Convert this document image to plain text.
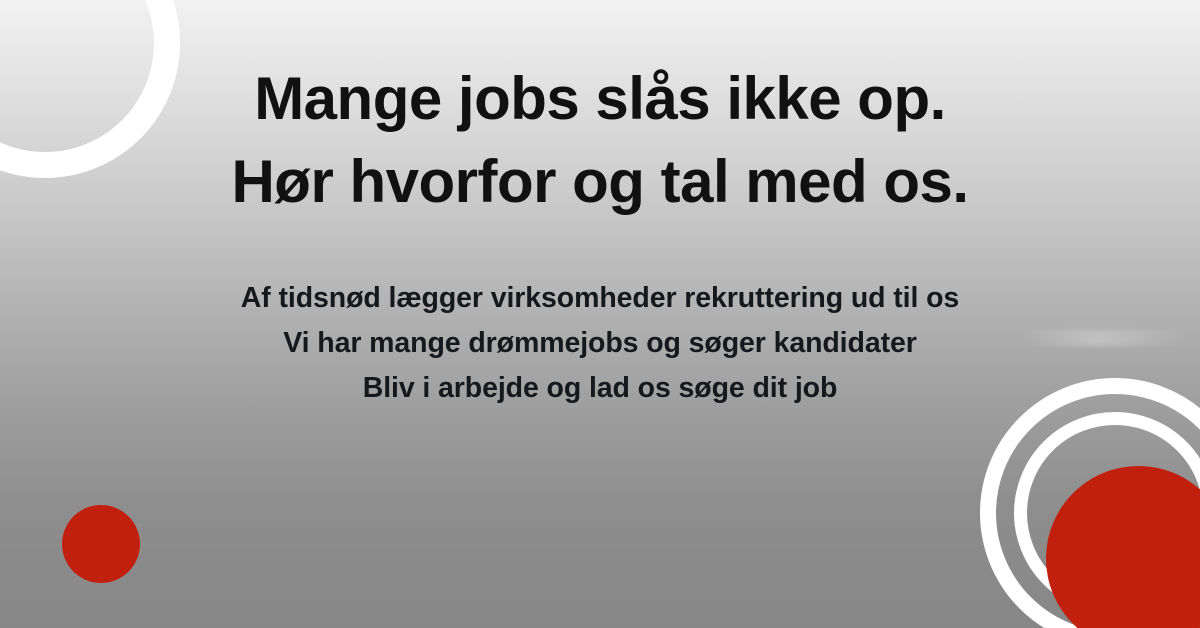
Mange jobs slås ikke op.
Hør hvorfor og tal med os.
Af tidsnød lægger virksomheder rekruttering ud til os
Vi har mange drømmejobs og søger kandidater
Bliv i arbejde og lad os søge dit job
